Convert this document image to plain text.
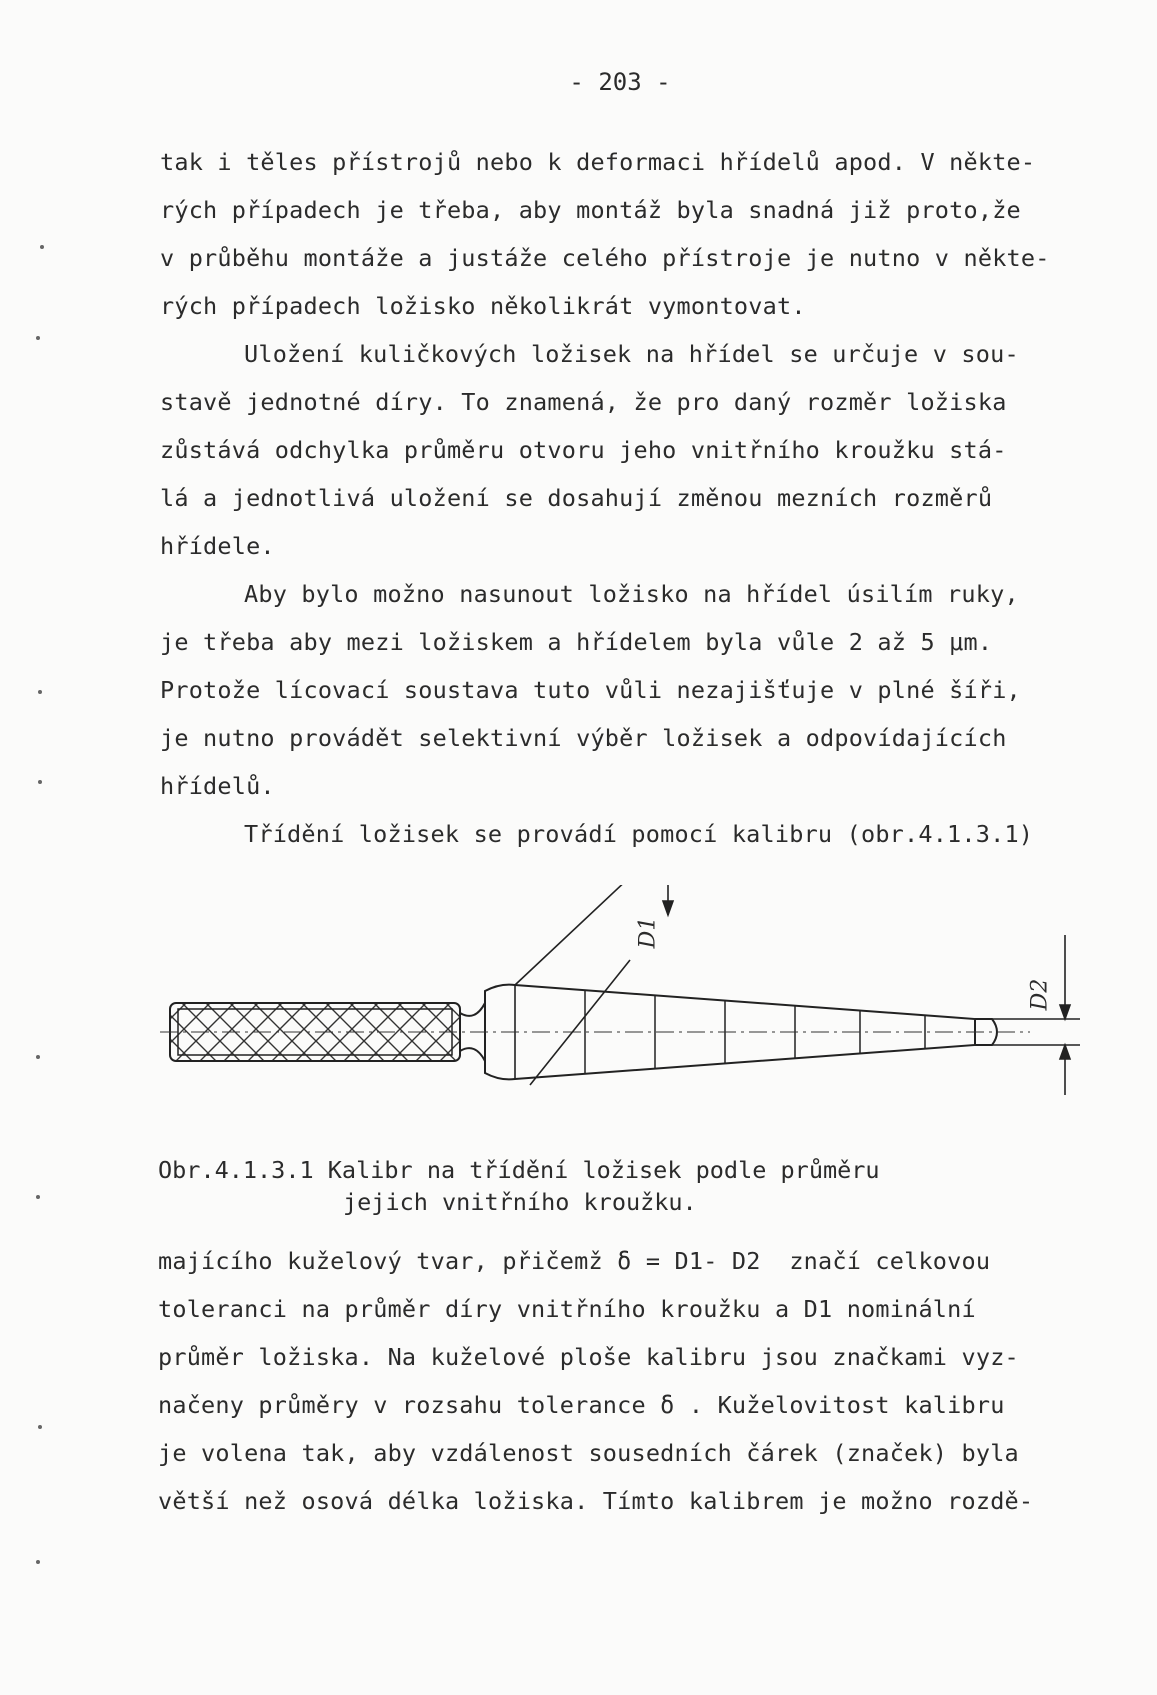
- 203 -
tak i těles přístrojů nebo k deformaci hřídelů apod. V někte-
rých případech je třeba, aby montáž byla snadná již proto,že
v průběhu montáže a justáže celého přístroje je nutno v někte-
rých případech ložisko několikrát vymontovat.
Uložení kuličkových ložisek na hřídel se určuje v sou-
stavě jednotné díry. To znamená, že pro daný rozměr ložiska
zůstává odchylka průměru otvoru jeho vnitřního kroužku stá-
lá a jednotlivá uložení se dosahují změnou mezních rozměrů
hřídele.
Aby bylo možno nasunout ložisko na hřídel úsilím ruky,
je třeba aby mezi ložiskem a hřídelem byla vůle 2 až 5 μm.
Protože lícovací soustava tuto vůli nezajišťuje v plné šíři,
je nutno provádět selektivní výběr ložisek a odpovídajících
hřídelů.
Třídění ložisek se provádí pomocí kalibru (obr.4.1.3.1)
D1
D2
Obr.4.1.3.1 Kalibr na třídění ložisek podle průměru
jejich vnitřního kroužku.
majícího kuželový tvar, přičemž δ = D1- D2  značí celkovou
toleranci na průměr díry vnitřního kroužku a D1 nominální
průměr ložiska. Na kuželové ploše kalibru jsou značkami vyz-
načeny průměry v rozsahu tolerance δ . Kuželovitost kalibru
je volena tak, aby vzdálenost sousedních čárek (značek) byla
větší než osová délka ložiska. Tímto kalibrem je možno rozdě-
